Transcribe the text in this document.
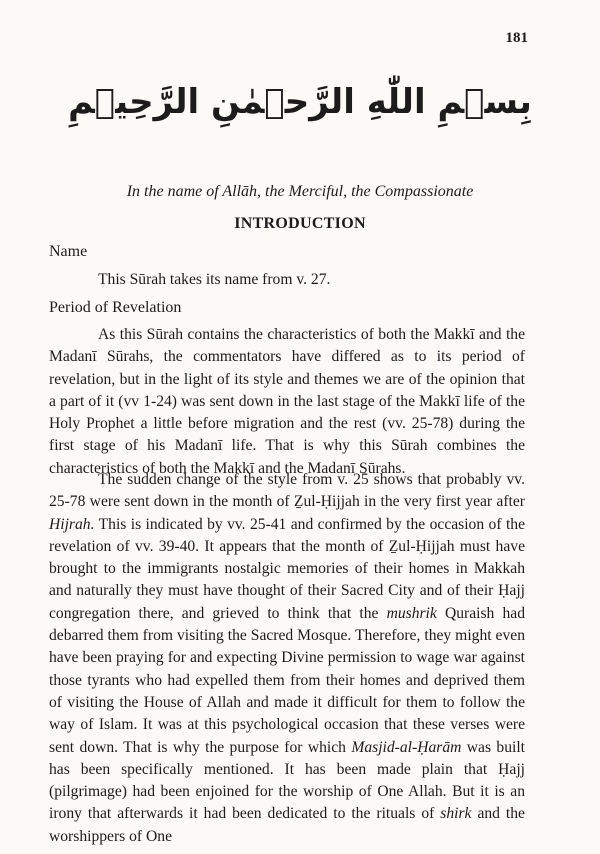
181
بِسۡمِ اللّٰهِ الرَّحۡمٰنِ الرَّحِيۡمِ
In the name of Allāh, the Merciful, the Compassionate
INTRODUCTION
Name
This Sūrah takes its name from v. 27.
Period of Revelation

As this Sūrah contains the characteristics of both the Makkī and the Madanī Sūrahs, the commentators have differed as to its period of revelation, but in the light of its style and themes we are of the opinion that a part of it (vv 1-24) was sent down in the last stage of the Makkī life of the Holy Prophet a little before migration and the rest (vv. 25-78) during the first stage of his Madanī life. That is why this Sūrah combines the characteristics of both the Makkī and the Madanī Sūrahs.

The sudden change of the style from v. 25 shows that probably vv. 25-78 were sent down in the month of Ẕul-Ḥijjah in the very first year after Hijrah. This is indicated by vv. 25-41 and confirmed by the occasion of the revelation of vv. 39-40. It appears that the month of Ẕul-Ḥijjah must have brought to the immigrants nostalgic memories of their homes in Makkah and naturally they must have thought of their Sacred City and of their Ḥajj congregation there, and grieved to think that the mushrik Quraish had debarred them from visiting the Sacred Mosque. Therefore, they might even have been praying for and expecting Divine permission to wage war against those tyrants who had expelled them from their homes and deprived them of visiting the House of Allah and made it difficult for them to follow the way of Islam. It was at this psychological occasion that these verses were sent down. That is why the purpose for which Masjid-al-Ḥarām was built has been specifically mentioned. It has been made plain that Ḥajj (pilgrimage) had been enjoined for the worship of One Allah. But it is an irony that afterwards it had been dedicated to the rituals of shirk and the worshippers of One
